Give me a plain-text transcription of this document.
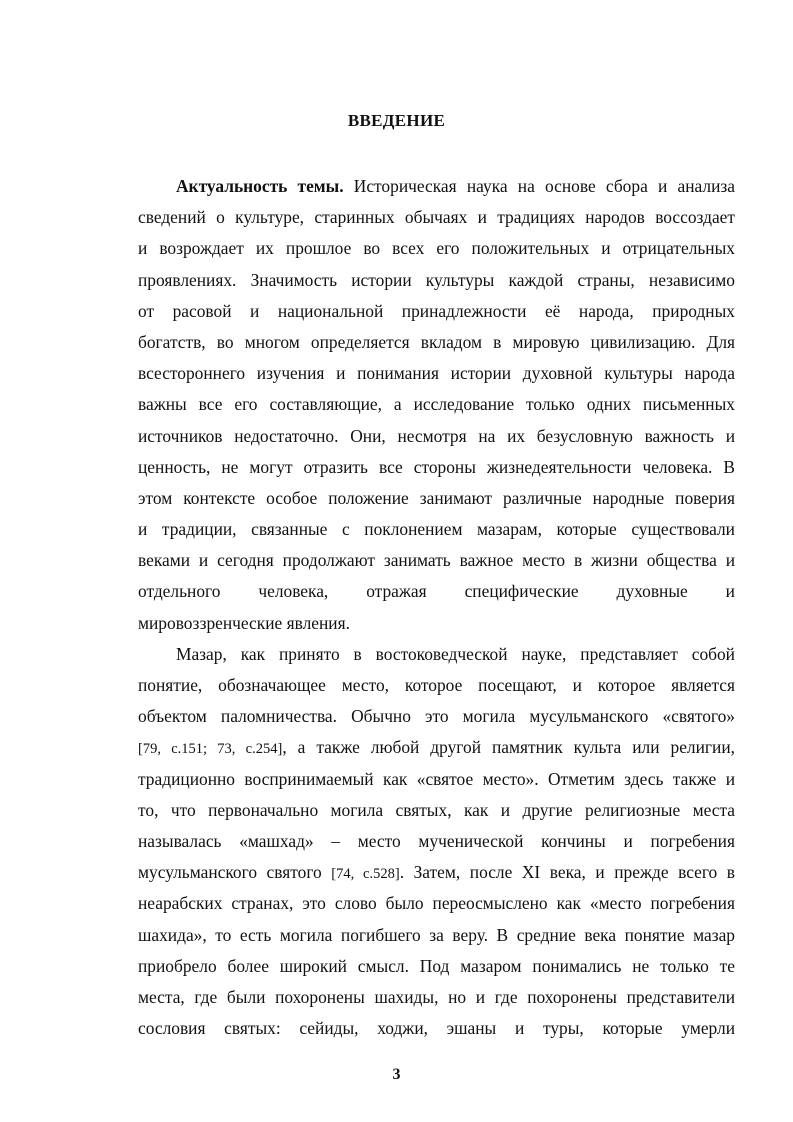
ВВЕДЕНИЕ
Актуальность темы. Историческая наука на основе сбора и анализа
сведений о культуре, старинных обычаях и традициях народов воссоздает
и возрождает их прошлое во всех его положительных и отрицательных
проявлениях. Значимость истории культуры каждой страны, независимо
от расовой и национальной принадлежности её народа, природных
богатств, во многом определяется вкладом в мировую цивилизацию. Для
всестороннего изучения и понимания истории духовной культуры народа
важны все его составляющие, а исследование только одних письменных
источников недостаточно. Они, несмотря на их безусловную важность и
ценность, не могут отразить все стороны жизнедеятельности человека. В
этом контексте особое положение занимают различные народные поверия
и традиции, связанные с поклонением мазарам, которые существовали
веками и сегодня продолжают занимать важное место в жизни общества и
отдельного человека, отражая специфические духовные и
мировоззренческие явления.
Мазар, как принято в востоковедческой науке, представляет собой
понятие, обозначающее место, которое посещают, и которое является
объектом паломничества. Обычно это могила мусульманского «святого»
[79, с.151; 73, с.254], а также любой другой памятник культа или религии,
традиционно воспринимаемый как «святое место». Отметим здесь также и
то, что первоначально могила святых, как и другие религиозные места
называлась «машхад» – место мученической кончины и погребения
мусульманского святого [74, с.528]. Затем, после XI века, и прежде всего в
неарабских странах, это слово было переосмыслено как «место погребения
шахида», то есть могила погибшего за веру. В средние века понятие мазар
приобрело более широкий смысл. Под мазаром понимались не только те
места, где были похоронены шахиды, но и где похоронены представители
сословия святых: сейиды, ходжи, эшаны и туры, которые умерли
3
